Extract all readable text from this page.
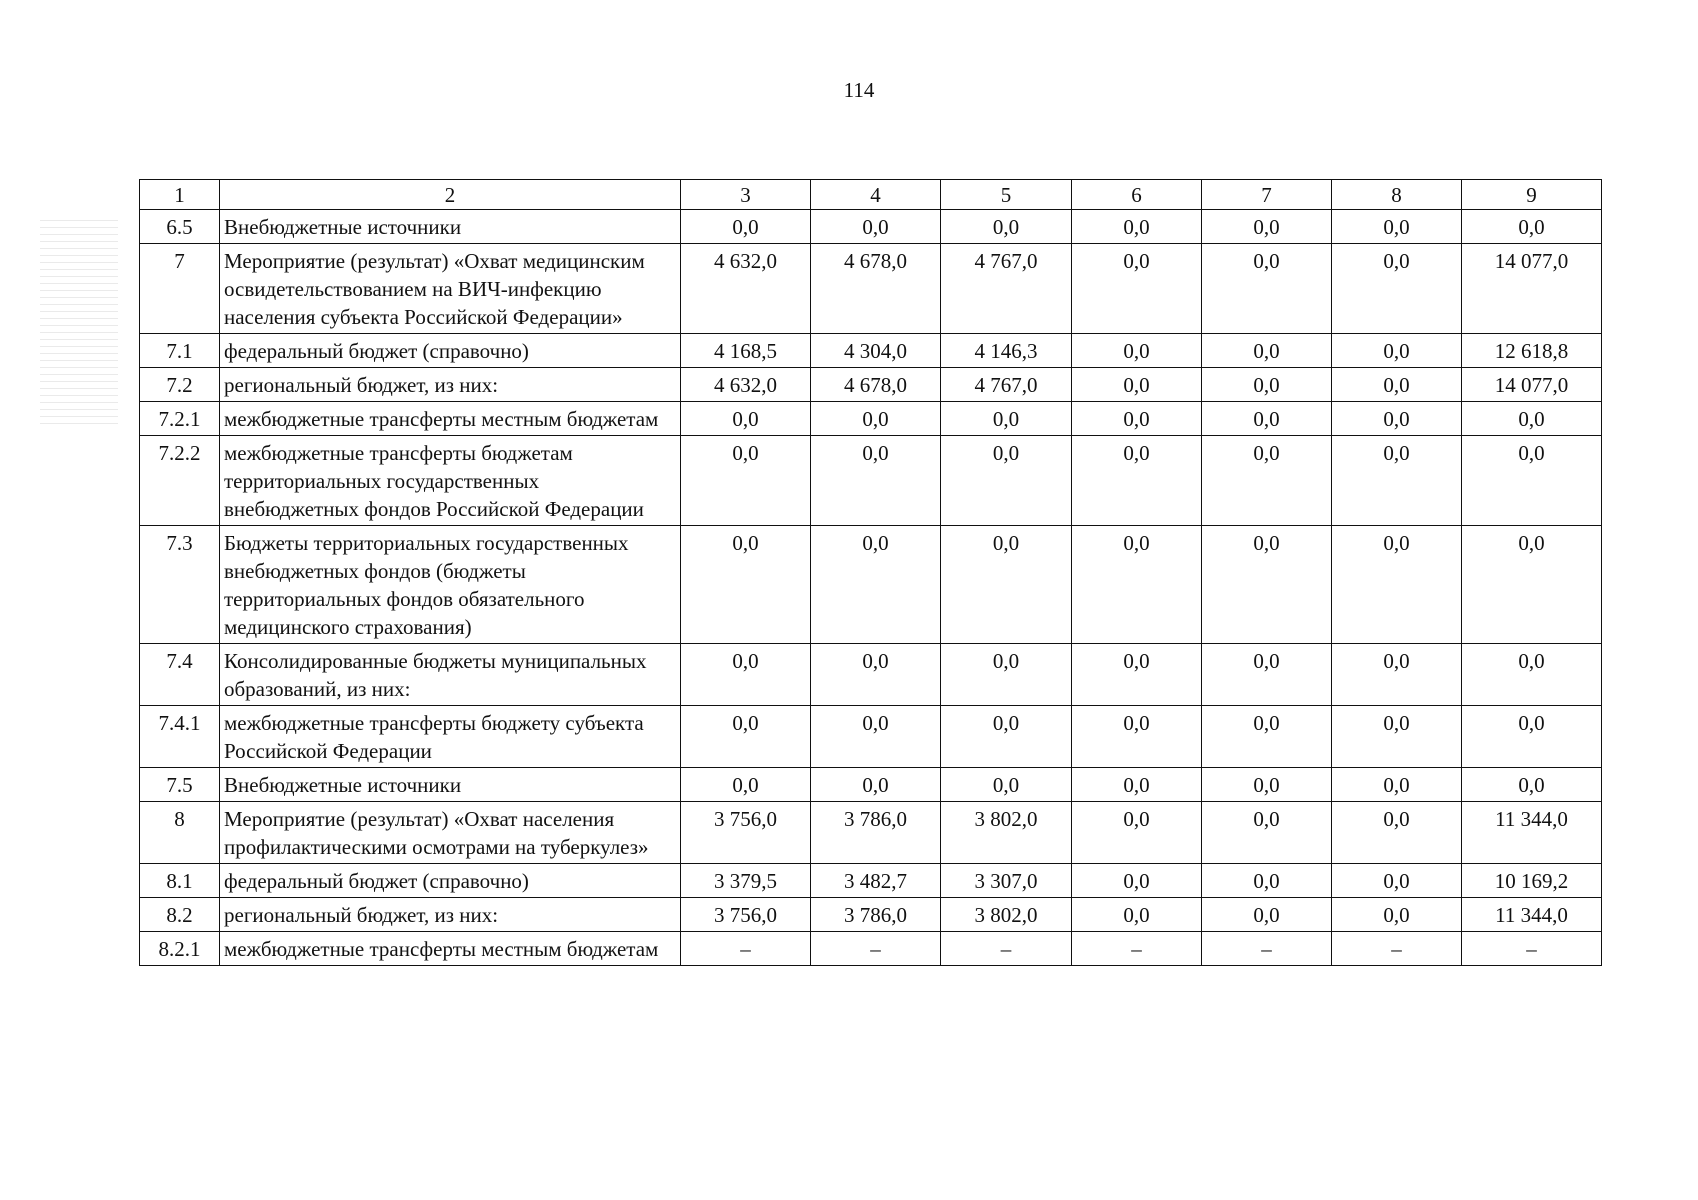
114
1	2	3	4	5	6	7	8	9
6.5	Внебюджетные источники	0,0	0,0	0,0	0,0	0,0	0,0	0,0
7	Мероприятие (результат) «Охват медицинским освидетельствованием на ВИЧ-инфекцию населения субъекта Российской Федерации»	4 632,0	4 678,0	4 767,0	0,0	0,0	0,0	14 077,0
7.1	федеральный бюджет (справочно)	4 168,5	4 304,0	4 146,3	0,0	0,0	0,0	12 618,8
7.2	региональный бюджет, из них:	4 632,0	4 678,0	4 767,0	0,0	0,0	0,0	14 077,0
7.2.1	межбюджетные трансферты местным бюджетам	0,0	0,0	0,0	0,0	0,0	0,0	0,0
7.2.2	межбюджетные трансферты бюджетам территориальных государственных внебюджетных фондов Российской Федерации	0,0	0,0	0,0	0,0	0,0	0,0	0,0
7.3	Бюджеты территориальных государственных внебюджетных фондов (бюджеты территориальных фондов обязательного медицинского страхования)	0,0	0,0	0,0	0,0	0,0	0,0	0,0
7.4	Консолидированные бюджеты муниципальных образований, из них:	0,0	0,0	0,0	0,0	0,0	0,0	0,0
7.4.1	межбюджетные трансферты бюджету субъекта Российской Федерации	0,0	0,0	0,0	0,0	0,0	0,0	0,0
7.5	Внебюджетные источники	0,0	0,0	0,0	0,0	0,0	0,0	0,0
8	Мероприятие (результат) «Охват населения профилактическими осмотрами на туберкулез»	3 756,0	3 786,0	3 802,0	0,0	0,0	0,0	11 344,0
8.1	федеральный бюджет (справочно)	3 379,5	3 482,7	3 307,0	0,0	0,0	0,0	10 169,2
8.2	региональный бюджет, из них:	3 756,0	3 786,0	3 802,0	0,0	0,0	0,0	11 344,0
8.2.1	межбюджетные трансферты местным бюджетам	–	–	–	–	–	–	–
